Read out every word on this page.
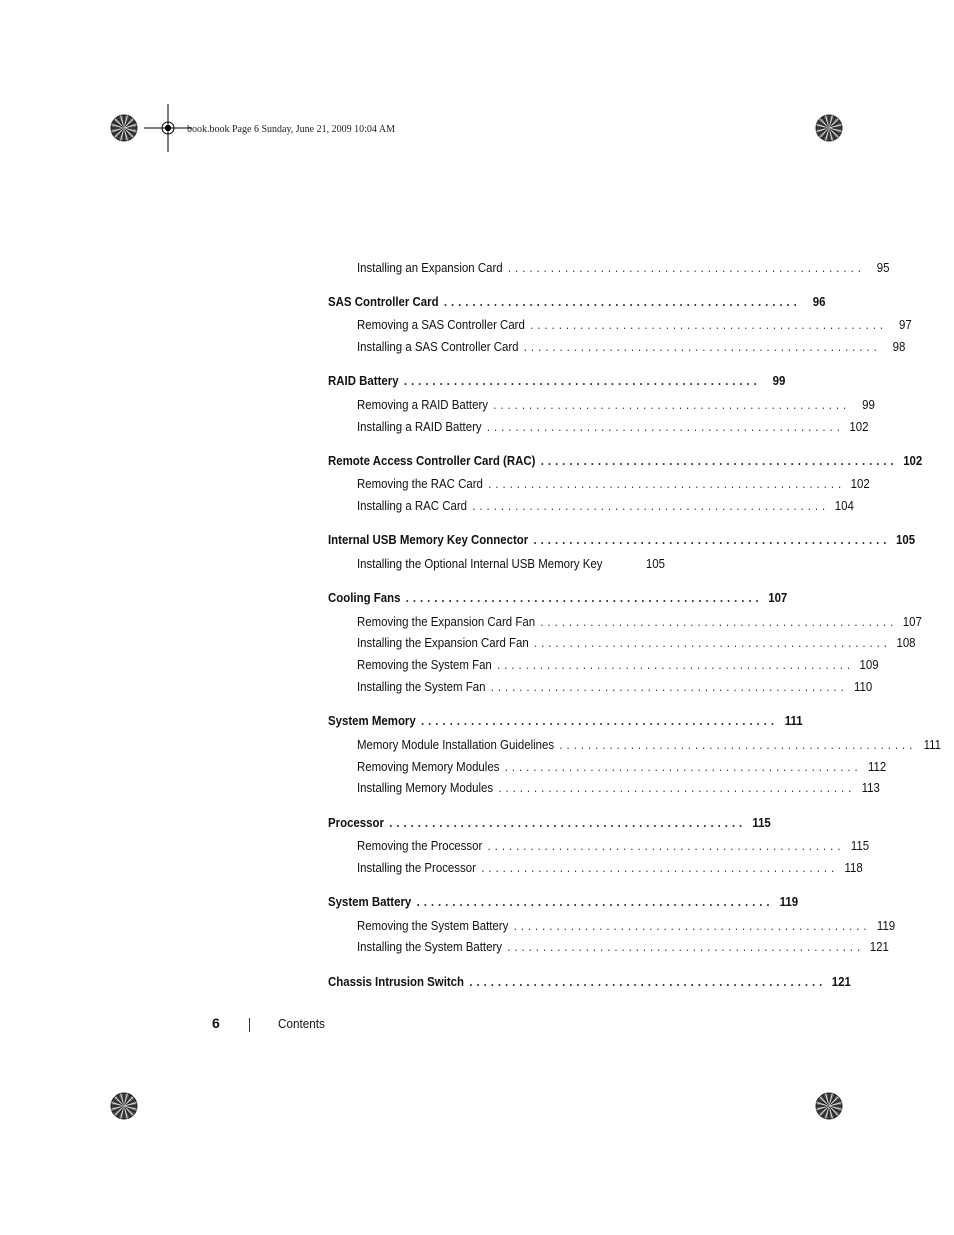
book.book Page 6 Sunday, June 21, 2009 10:04 AM
Installing an Expansion Card .................................................. 95
SAS Controller Card .................................................. 96
Removing a SAS Controller Card .................................................. 97
Installing a SAS Controller Card .................................................. 98
RAID Battery .................................................. 99
Removing a RAID Battery .................................................. 99
Installing a RAID Battery .................................................. 102
Remote Access Controller Card (RAC) .................................................. 102
Removing the RAC Card .................................................. 102
Installing a RAC Card .................................................. 104
Internal USB Memory Key Connector .................................................. 105
Installing the Optional Internal USB Memory Key	105
Cooling Fans .................................................. 107
Removing the Expansion Card Fan .................................................. 107
Installing the Expansion Card Fan .................................................. 108
Removing the System Fan .................................................. 109
Installing the System Fan .................................................. 110
System Memory .................................................. 111
Memory Module Installation Guidelines .................................................. 111
Removing Memory Modules .................................................. 112
Installing Memory Modules .................................................. 113
Processor .................................................. 115
Removing the Processor .................................................. 115
Installing the Processor .................................................. 118
System Battery .................................................. 119
Removing the System Battery .................................................. 119
Installing the System Battery .................................................. 121
Chassis Intrusion Switch .................................................. 121
6	Contents
